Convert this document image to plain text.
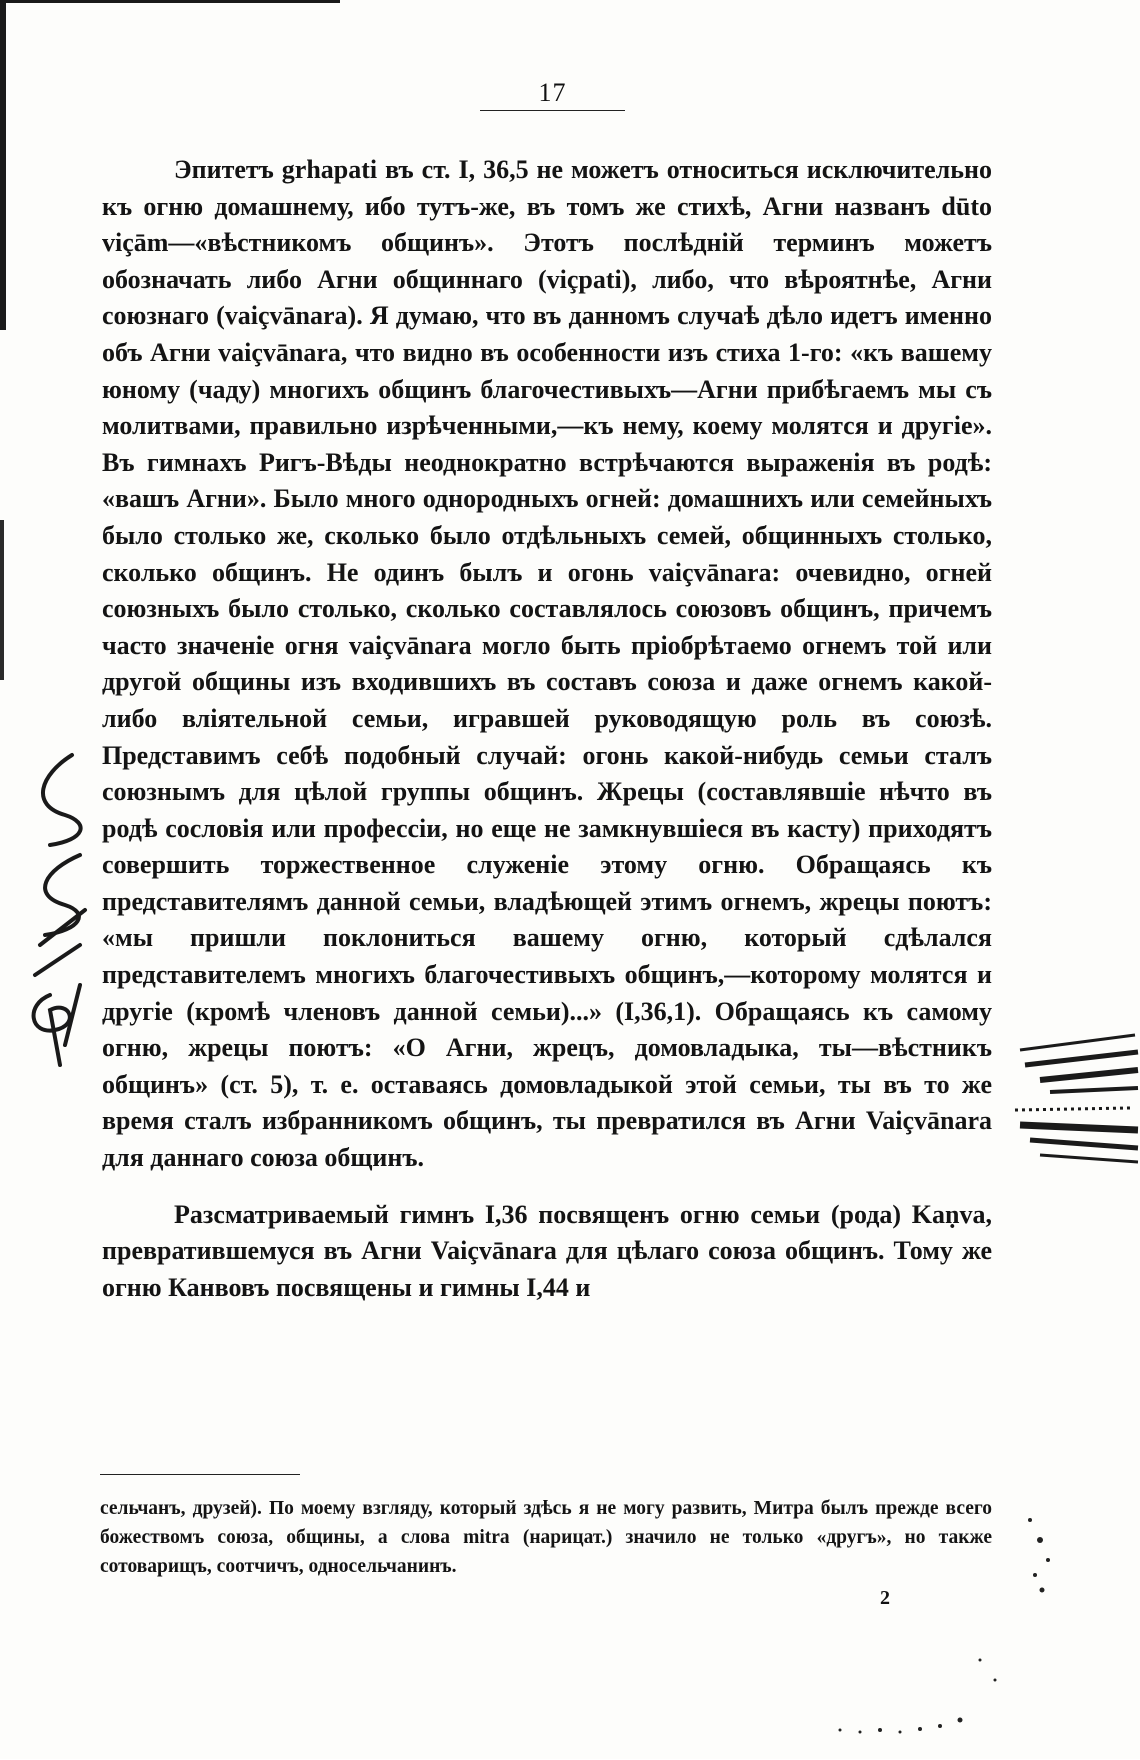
17

Эпитетъ grhapati въ ст. I, 36,5 не можетъ относиться исключительно къ огню домашнему, ибо тутъ-же, въ томъ же стихѣ, Агни названъ dūto viçām—«вѣстникомъ общинъ». Этотъ послѣдній терминъ можетъ обозначать либо Агни общиннаго (viçpati), либо, что вѣроятнѣе, Агни союзнаго (vaiçvānara). Я думаю, что въ данномъ случаѣ дѣло идетъ именно объ Агни vaiçvānara, что видно въ особенности изъ стиха 1-го: «къ вашему юному (чаду) многихъ общинъ благочестивыхъ—Агни прибѣгаемъ мы съ молитвами, правильно изрѣченными,—къ нему, коему молятся и другіе». Въ гимнахъ Ригъ-Вѣды неоднократно встрѣчаются выраженія въ родѣ: «вашъ Агни». Было много однородныхъ огней: домашнихъ или семейныхъ было столько же, сколько было отдѣльныхъ семей, общинныхъ столько, сколько общинъ. Не одинъ былъ и огонь vaiçvānara: очевидно, огней союзныхъ было столько, сколько составлялось союзовъ общинъ, причемъ часто значеніе огня vaiçvānara могло быть пріобрѣтаемо огнемъ той или другой общины изъ входившихъ въ составъ союза и даже огнемъ какой-либо вліятельной семьи, игравшей руководящую роль въ союзѣ. Представимъ себѣ подобный случай: огонь какой-нибудь семьи сталъ союзнымъ для цѣлой группы общинъ. Жрецы (составлявшіе нѣчто въ родѣ сословія или профессіи, но еще не замкнувшіеся въ касту) приходятъ совершить торжественное служеніе этому огню. Обращаясь къ представителямъ данной семьи, владѣющей этимъ огнемъ, жрецы поютъ: «мы пришли поклониться вашему огню, который сдѣлался представителемъ многихъ благочестивыхъ общинъ,—которому молятся и другіе (кромѣ членовъ данной семьи)...» (I,36,1). Обращаясь къ самому огню, жрецы поютъ: «О Агни, жрецъ, домовладыка, ты—вѣстникъ общинъ» (ст. 5), т. е. оставаясь домовладыкой этой семьи, ты въ то же время сталъ избранникомъ общинъ, ты превратился въ Агни Vaiçvānara для даннаго союза общинъ.

Разсматриваемый гимнъ I,36 посвященъ огню семьи (рода) Kaṇva, превратившемуся въ Агни Vaiçvānara для цѣлаго союза общинъ. Тому же огню Канвовъ посвящены и гимны I,44 и

сельчанъ, друзей). По моему взгляду, который здѣсь я не могу развить, Митра былъ прежде всего божествомъ союза, общины, а слова mitra (нарицат.) значило не только «другъ», но также сотоварищъ, соотчичъ, односельчанинъ.
2
